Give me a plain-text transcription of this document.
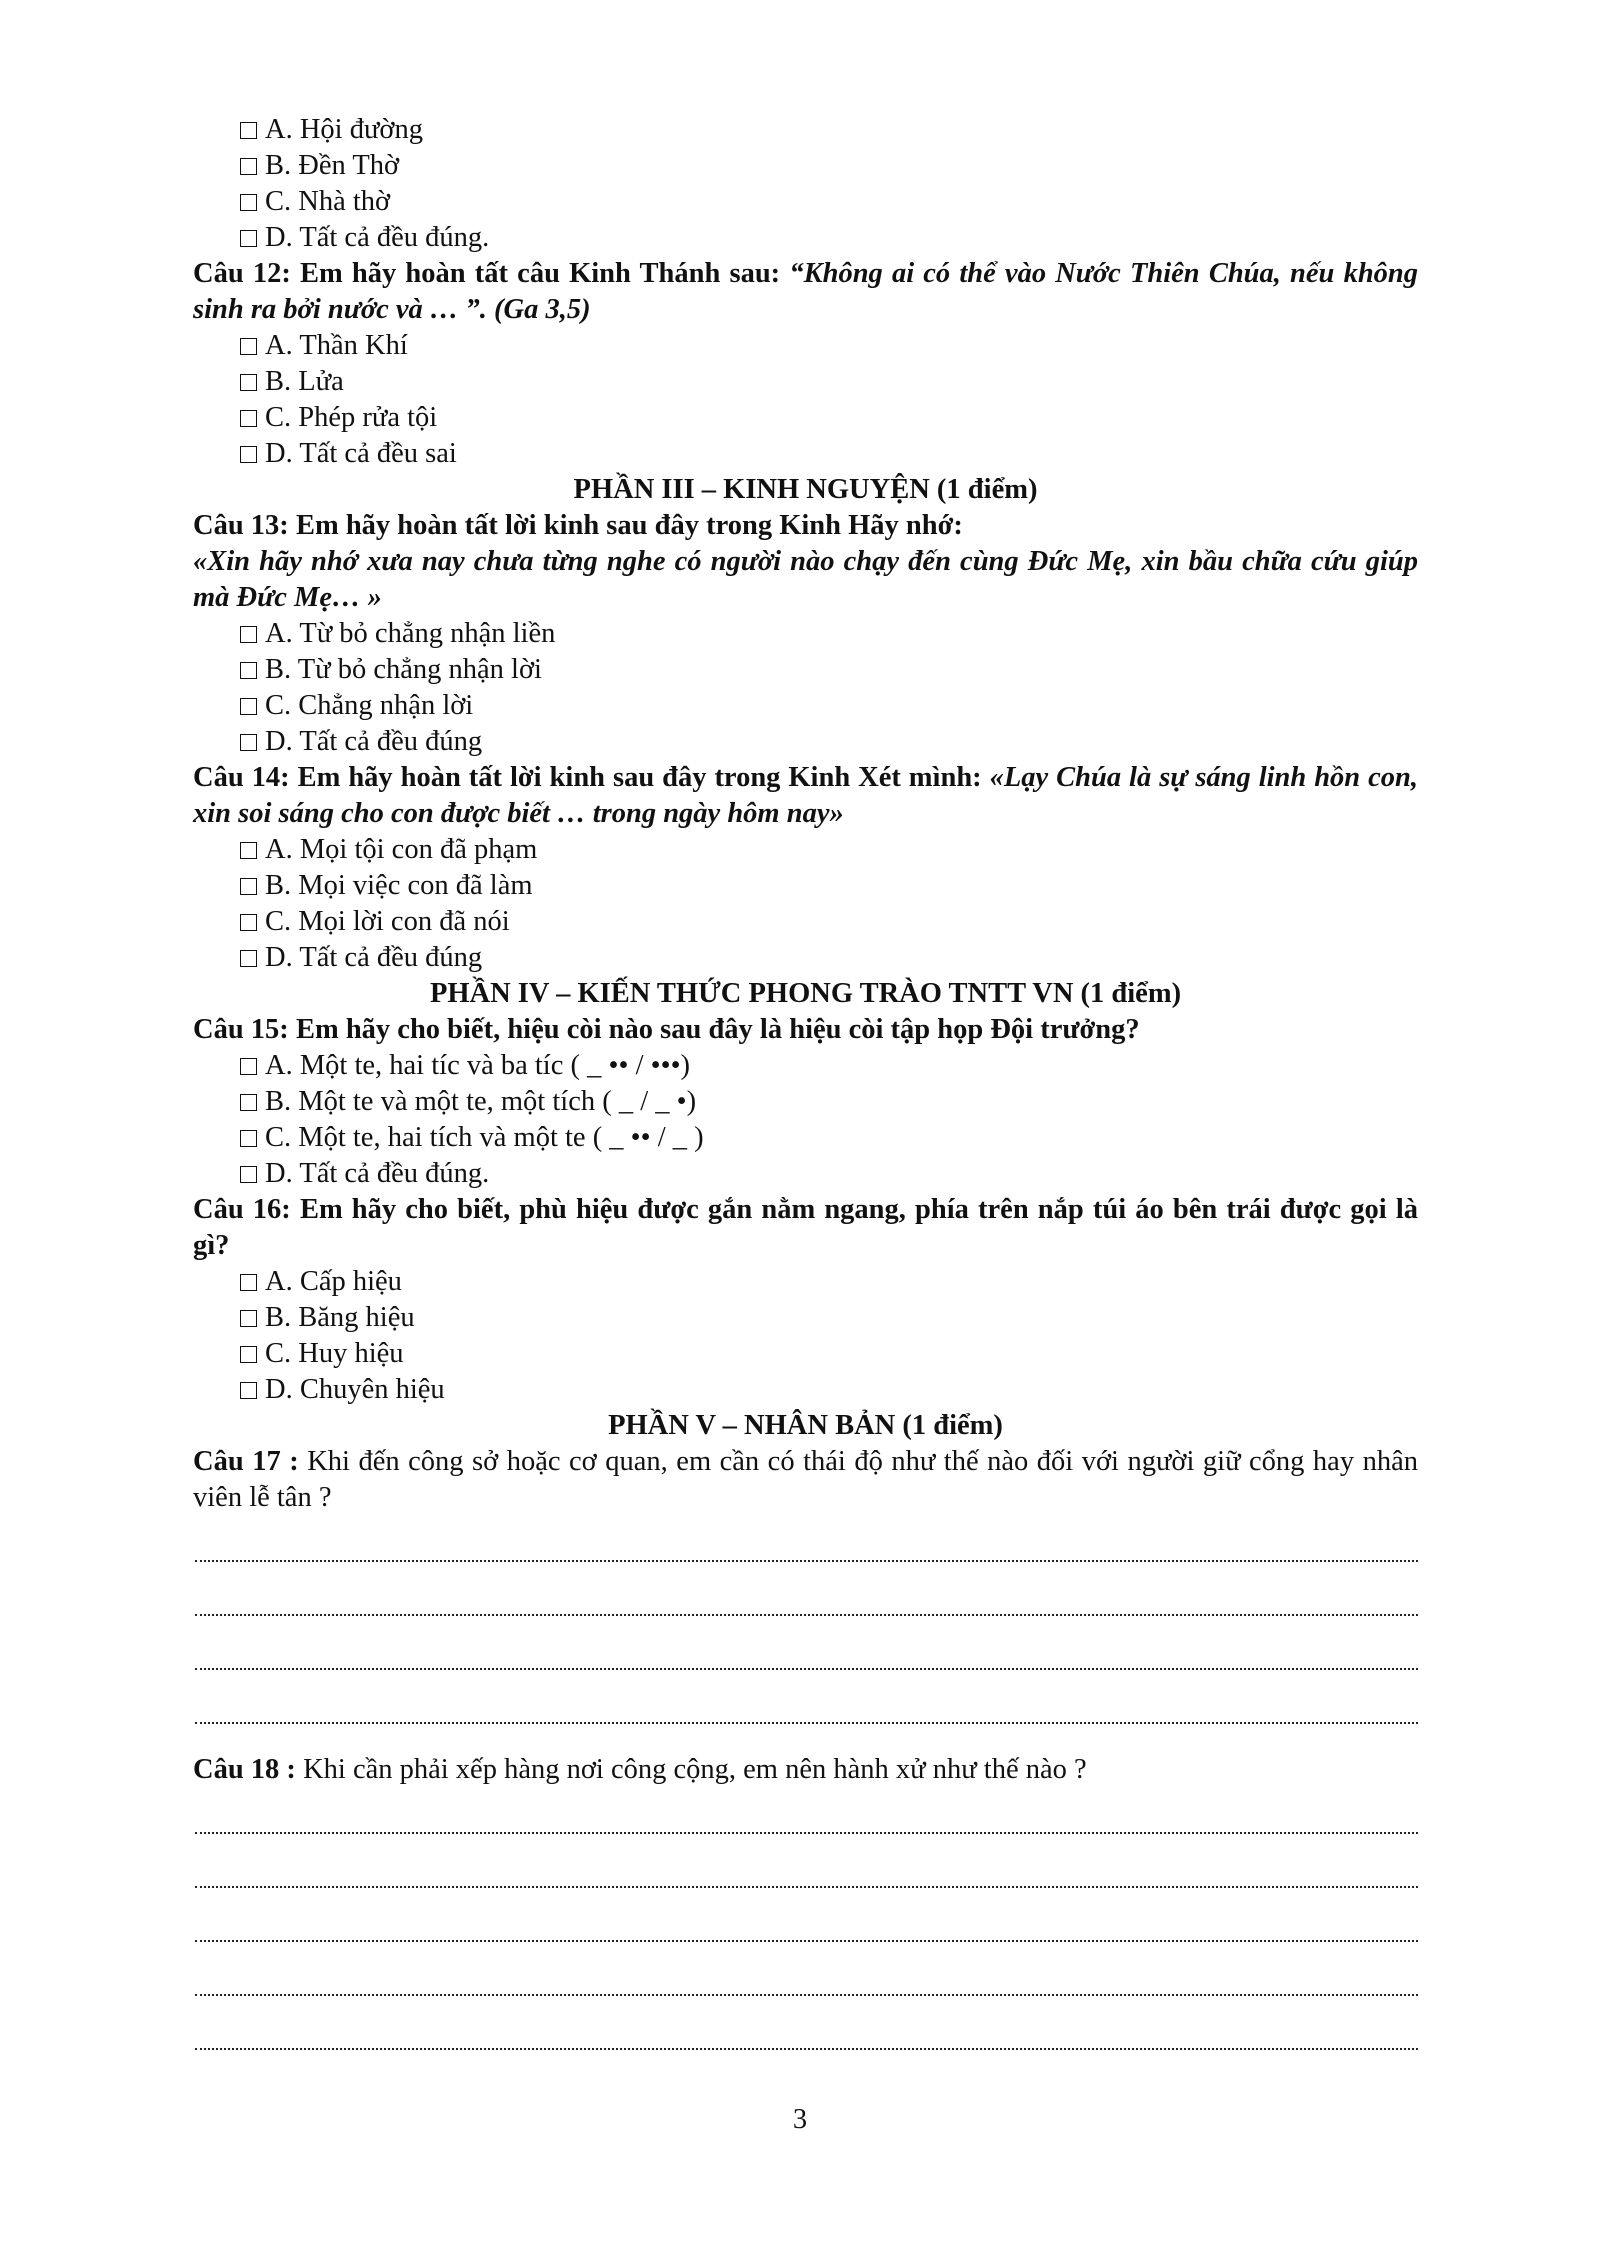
A. Hội đường

B. Đền Thờ

C. Nhà thờ

D. Tất cả đều đúng.

Câu 12: Em hãy hoàn tất câu Kinh Thánh sau: “Không ai có thể vào Nước Thiên Chúa, nếu không sinh ra bởi nước và … ”. (Ga 3,5)

A. Thần Khí

B. Lửa

C. Phép rửa tội

D. Tất cả đều sai

PHẦN III – KINH NGUYỆN (1 điểm)

Câu 13: Em hãy hoàn tất lời kinh sau đây trong Kinh Hãy nhớ:

«Xin hãy nhớ xưa nay chưa từng nghe có người nào chạy đến cùng Đức Mẹ, xin bầu chữa cứu giúp mà Đức Mẹ… »

A. Từ bỏ chẳng nhận liền

B. Từ bỏ chẳng nhận lời

C. Chẳng nhận lời

D. Tất cả đều đúng

Câu 14: Em hãy hoàn tất lời kinh sau đây trong Kinh Xét mình: «Lạy Chúa là sự sáng linh hồn con, xin soi sáng cho con được biết … trong ngày hôm nay»

A. Mọi tội con đã phạm

B. Mọi việc con đã làm

C. Mọi lời con đã nói

D. Tất cả đều đúng

PHẦN IV – KIẾN THỨC PHONG TRÀO TNTT VN (1 điểm)

Câu 15: Em hãy cho biết, hiệu còi nào sau đây là hiệu còi tập họp Đội trưởng?

A. Một te, hai tíc và ba tíc ( _ •• / •••)

B. Một te và một te, một tích ( _ / _ •)

C. Một te, hai tích và một te ( _ •• / _ )

D. Tất cả đều đúng.

Câu 16: Em hãy cho biết, phù hiệu được gắn nằm ngang, phía trên nắp túi áo bên trái được gọi là gì?

A. Cấp hiệu

B. Băng hiệu

C. Huy hiệu

D. Chuyên hiệu

PHẦN V – NHÂN BẢN (1 điểm)

Câu 17 : Khi đến công sở hoặc cơ quan, em cần có thái độ như thế nào đối với người giữ cổng hay nhân viên lễ tân ?

Câu 18 : Khi cần phải xếp hàng nơi công cộng, em nên hành xử như thế nào ?

3
